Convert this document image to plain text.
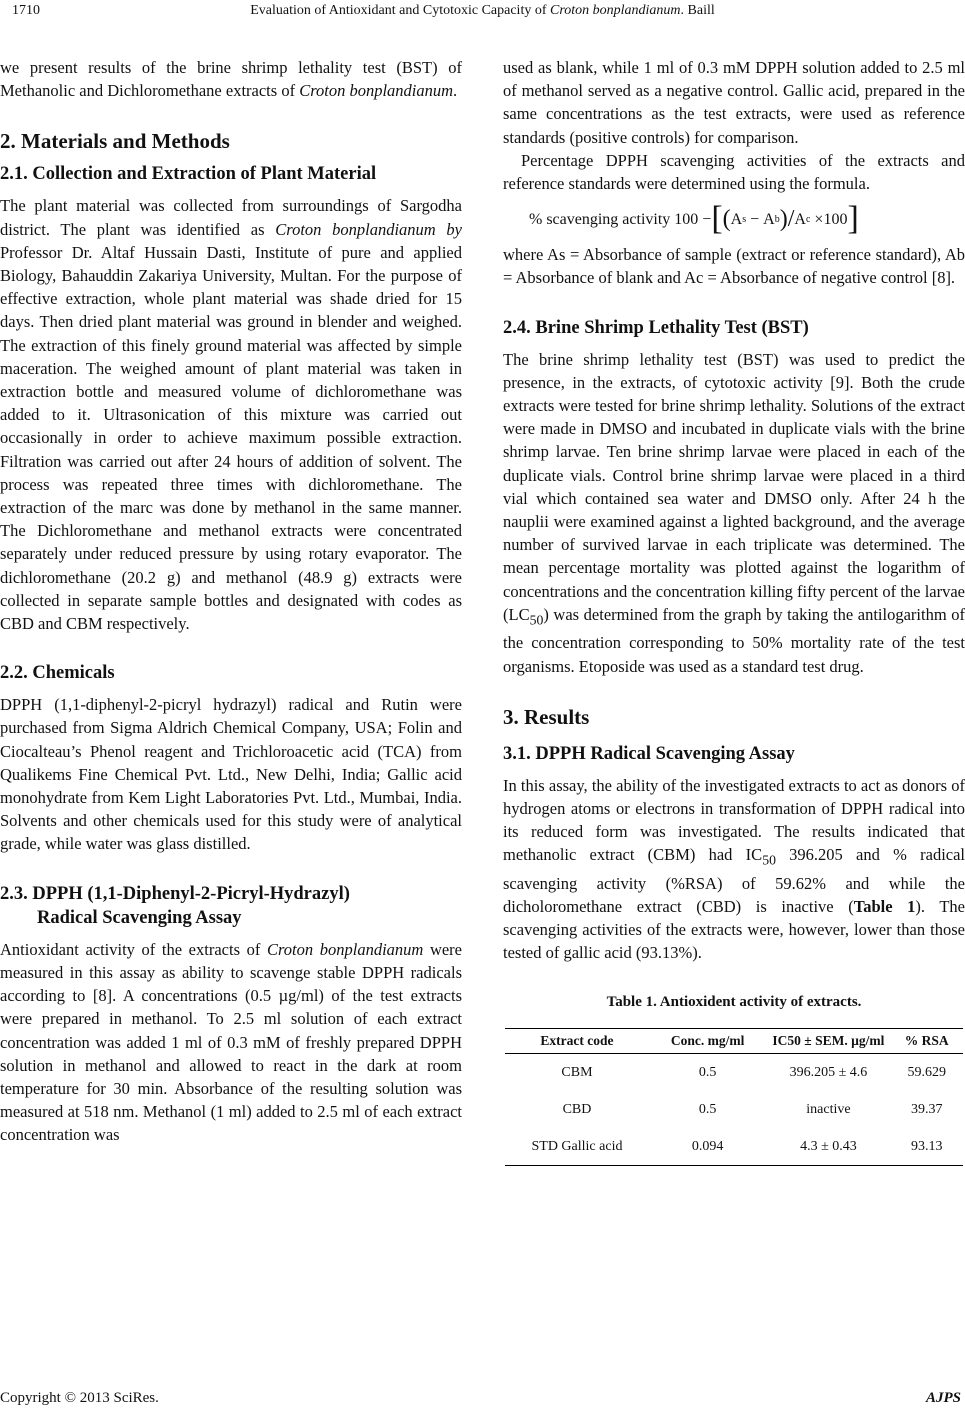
1710	Evaluation of Antioxidant and Cytotoxic Capacity of Croton bonplandianum. Baill

we present results of the brine shrimp lethality test (BST) of Methanolic and Dichloromethane extracts of Croton bonplandianum.

2. Materials and Methods
2.1. Collection and Extraction of Plant Material

The plant material was collected from surroundings of Sargodha district. The plant was identified as Croton bonplandianum by Professor Dr. Altaf Hussain Dasti, Institute of pure and applied Biology, Bahauddin Zakariya University, Multan. For the purpose of effective extraction, whole plant material was shade dried for 15 days. Then dried plant material was ground in blender and weighed. The extraction of this finely ground material was affected by simple maceration. The weighed amount of plant material was taken in extraction bottle and measured volume of dichloromethane was added to it. Ultrasonication of this mixture was carried out occasionally in order to achieve maximum possible extraction. Filtration was carried out after 24 hours of addition of solvent. The process was repeated three times with dichloromethane. The extraction of the marc was done by methanol in the same manner. The Dichloromethane and methanol extracts were concentrated separately under reduced pressure by using rotary evaporator. The dichloromethane (20.2 g) and methanol (48.9 g) extracts were collected in separate sample bottles and designated with codes as CBD and CBM respectively.

2.2. Chemicals

DPPH (1,1-diphenyl-2-picryl hydrazyl) radical and Rutin were purchased from Sigma Aldrich Chemical Company, USA; Folin and Ciocalteau’s Phenol reagent and Trichloroacetic acid (TCA) from Qualikems Fine Chemical Pvt. Ltd., New Delhi, India; Gallic acid monohydrate from Kem Light Laboratories Pvt. Ltd., Mumbai, India. Solvents and other chemicals used for this study were of analytical grade, while water was glass distilled.

2.3. DPPH (1,1-Diphenyl-2-Picryl-Hydrazyl)
Radical Scavenging Assay

Antioxidant activity of the extracts of Croton bonplandianum were measured in this assay as ability to scavenge stable DPPH radicals according to [8]. A concentrations (0.5 µg/ml) of the test extracts were prepared in methanol. To 2.5 ml solution of each extract concentration was added 1 ml of 0.3 mM of freshly prepared DPPH solution in methanol and allowed to react in the dark at room temperature for 30 min. Absorbance of the resulting solution was measured at 518 nm. Methanol (1 ml) added to 2.5 ml of each extract concentration was

used as blank, while 1 ml of 0.3 mM DPPH solution added to 2.5 ml of methanol served as a negative control. Gallic acid, prepared in the same concentrations as the test extracts, were used as reference standards (positive controls) for comparison.

Percentage DPPH scavenging activities of the extracts and reference standards were determined using the formula.

% scavenging activity
100
− [ ( A s
−
A b ) / A c
× 100 ]

where As = Absorbance of sample (extract or reference standard), Ab = Absorbance of blank and Ac = Absorbance of negative control [8].

2.4. Brine Shrimp Lethality Test (BST)

The brine shrimp lethality test (BST) was used to predict the presence, in the extracts, of cytotoxic activity [9]. Both the crude extracts were tested for brine shrimp lethality. Solutions of the extract were made in DMSO and incubated in duplicate vials with the brine shrimp larvae. Ten brine shrimp larvae were placed in each of the duplicate vials. Control brine shrimp larvae were placed in a third vial which contained sea water and DMSO only. After 24 h the nauplii were examined against a lighted background, and the average number of survived larvae in each triplicate was determined. The mean percentage mortality was plotted against the logarithm of concentrations and the concentration killing fifty percent of the larvae $(LC_{50})$ was determined from the graph by taking the antilogarithm of the concentration corresponding to 50% mortality rate of the test organisms. Etoposide was used as a standard test drug.

3. Results
3.1. DPPH Radical Scavenging Assay

In this assay, the ability of the investigated extracts to act as donors of hydrogen atoms or electrons in transformation of DPPH radical into its reduced form was investigated. The results indicated that methanolic extract (CBM) had $IC_{50}$ 396.205 and % radical scavenging activity (%RSA) of 59.62% and while the dicholoromethane extract (CBD) is inactive (Table 1). The scavenging activities of the extracts were, however, lower than those tested of gallic acid (93.13%).

Table 1. Antioxident activity of extracts.
Extract code	Conc. mg/ml	IC50 ± SEM. µg/ml	% RSA
CBM	0.5	396.205 ± 4.6	59.629
CBD	0.5	inactive	39.37
STD Gallic acid	0.094	4.3 ± 0.43	93.13
Copyright © 2013 SciRes.	AJPS
